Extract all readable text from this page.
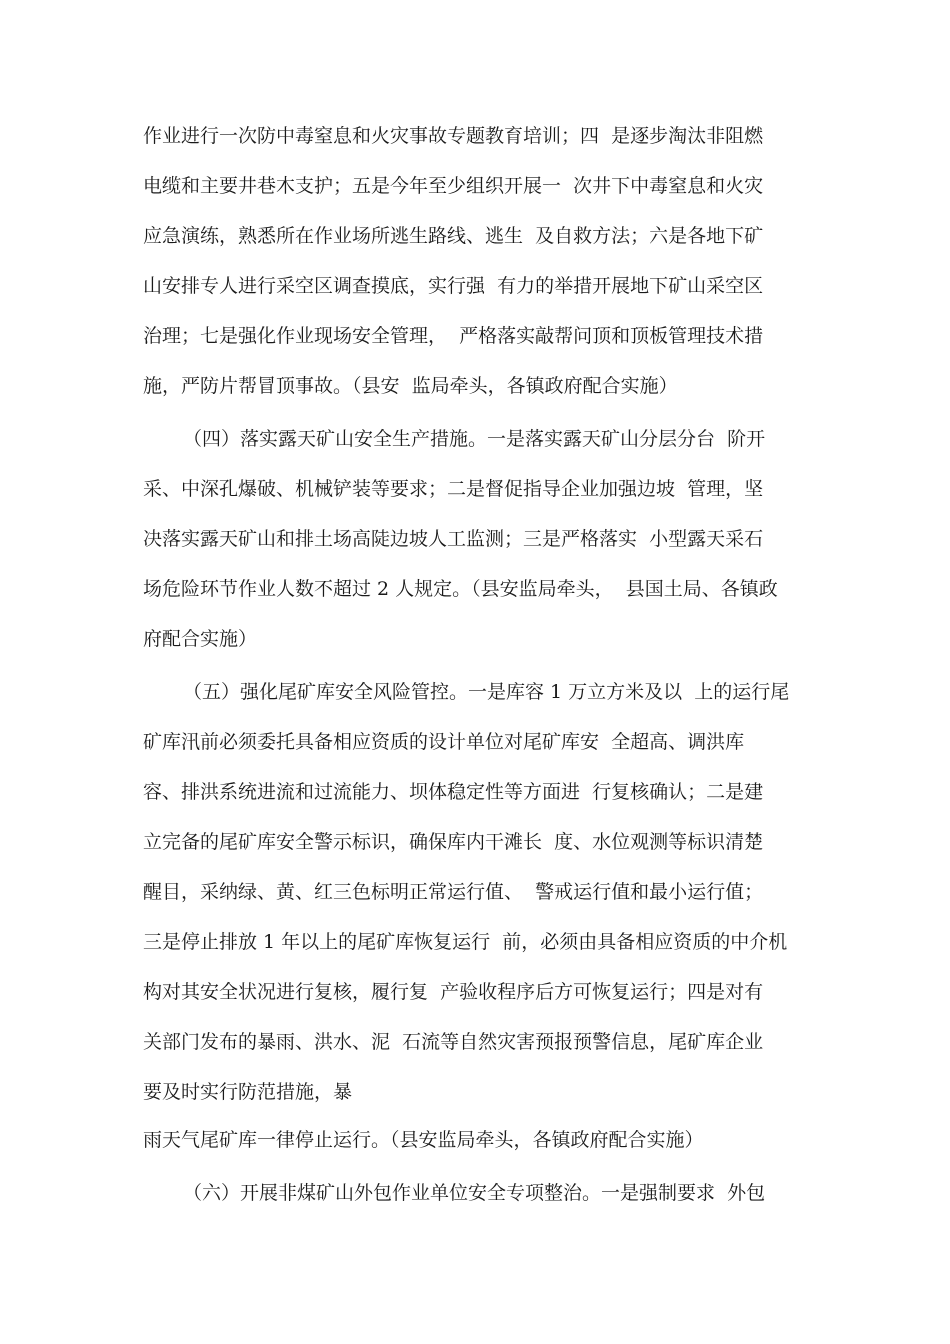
作业进行一次防中毒窒息和火灾事故专题教育培训；四  是逐步淘汰非阻燃
电缆和主要井巷木支护；五是今年至少组织开展一  次井下中毒窒息和火灾
应急演练，熟悉所在作业场所逃生路线、逃生  及自救方法；六是各地下矿
山安排专人进行采空区调查摸底，实行强  有力的举措开展地下矿山采空区
治理；七是强化作业现场安全管理，  严格落实敲帮问顶和顶板管理技术措
施，严防片帮冒顶事故。（县安  监局牵头，各镇政府配合实施）
（四）落实露天矿山安全生产措施。一是落实露天矿山分层分台  阶开
采、中深孔爆破、机械铲装等要求；二是督促指导企业加强边坡  管理，坚
决落实露天矿山和排土场高陡边坡人工监测；三是严格落实  小型露天采石
场危险环节作业人数不超过 2 人规定。（县安监局牵头，  县国土局、各镇政
府配合实施）
（五）强化尾矿库安全风险管控。一是库容 1 万立方米及以  上的运行尾
矿库汛前必须委托具备相应资质的设计单位对尾矿库安  全超高、调洪库
容、排洪系统进流和过流能力、坝体稳定性等方面进  行复核确认；二是建
立完备的尾矿库安全警示标识，确保库内干滩长  度、水位观测等标识清楚
醒目，采纳绿、黄、红三色标明正常运行值、  警戒运行值和最小运行值；
三是停止排放 1 年以上的尾矿库恢复运行  前，必须由具备相应资质的中介机
构对其安全状况进行复核，履行复  产验收程序后方可恢复运行；四是对有
关部门发布的暴雨、洪水、泥  石流等自然灾害预报预警信息，尾矿库企业
要及时实行防范措施，暴
雨天气尾矿库一律停止运行。（县安监局牵头，各镇政府配合实施）
（六）开展非煤矿山外包作业单位安全专项整治。一是强制要求  外包
